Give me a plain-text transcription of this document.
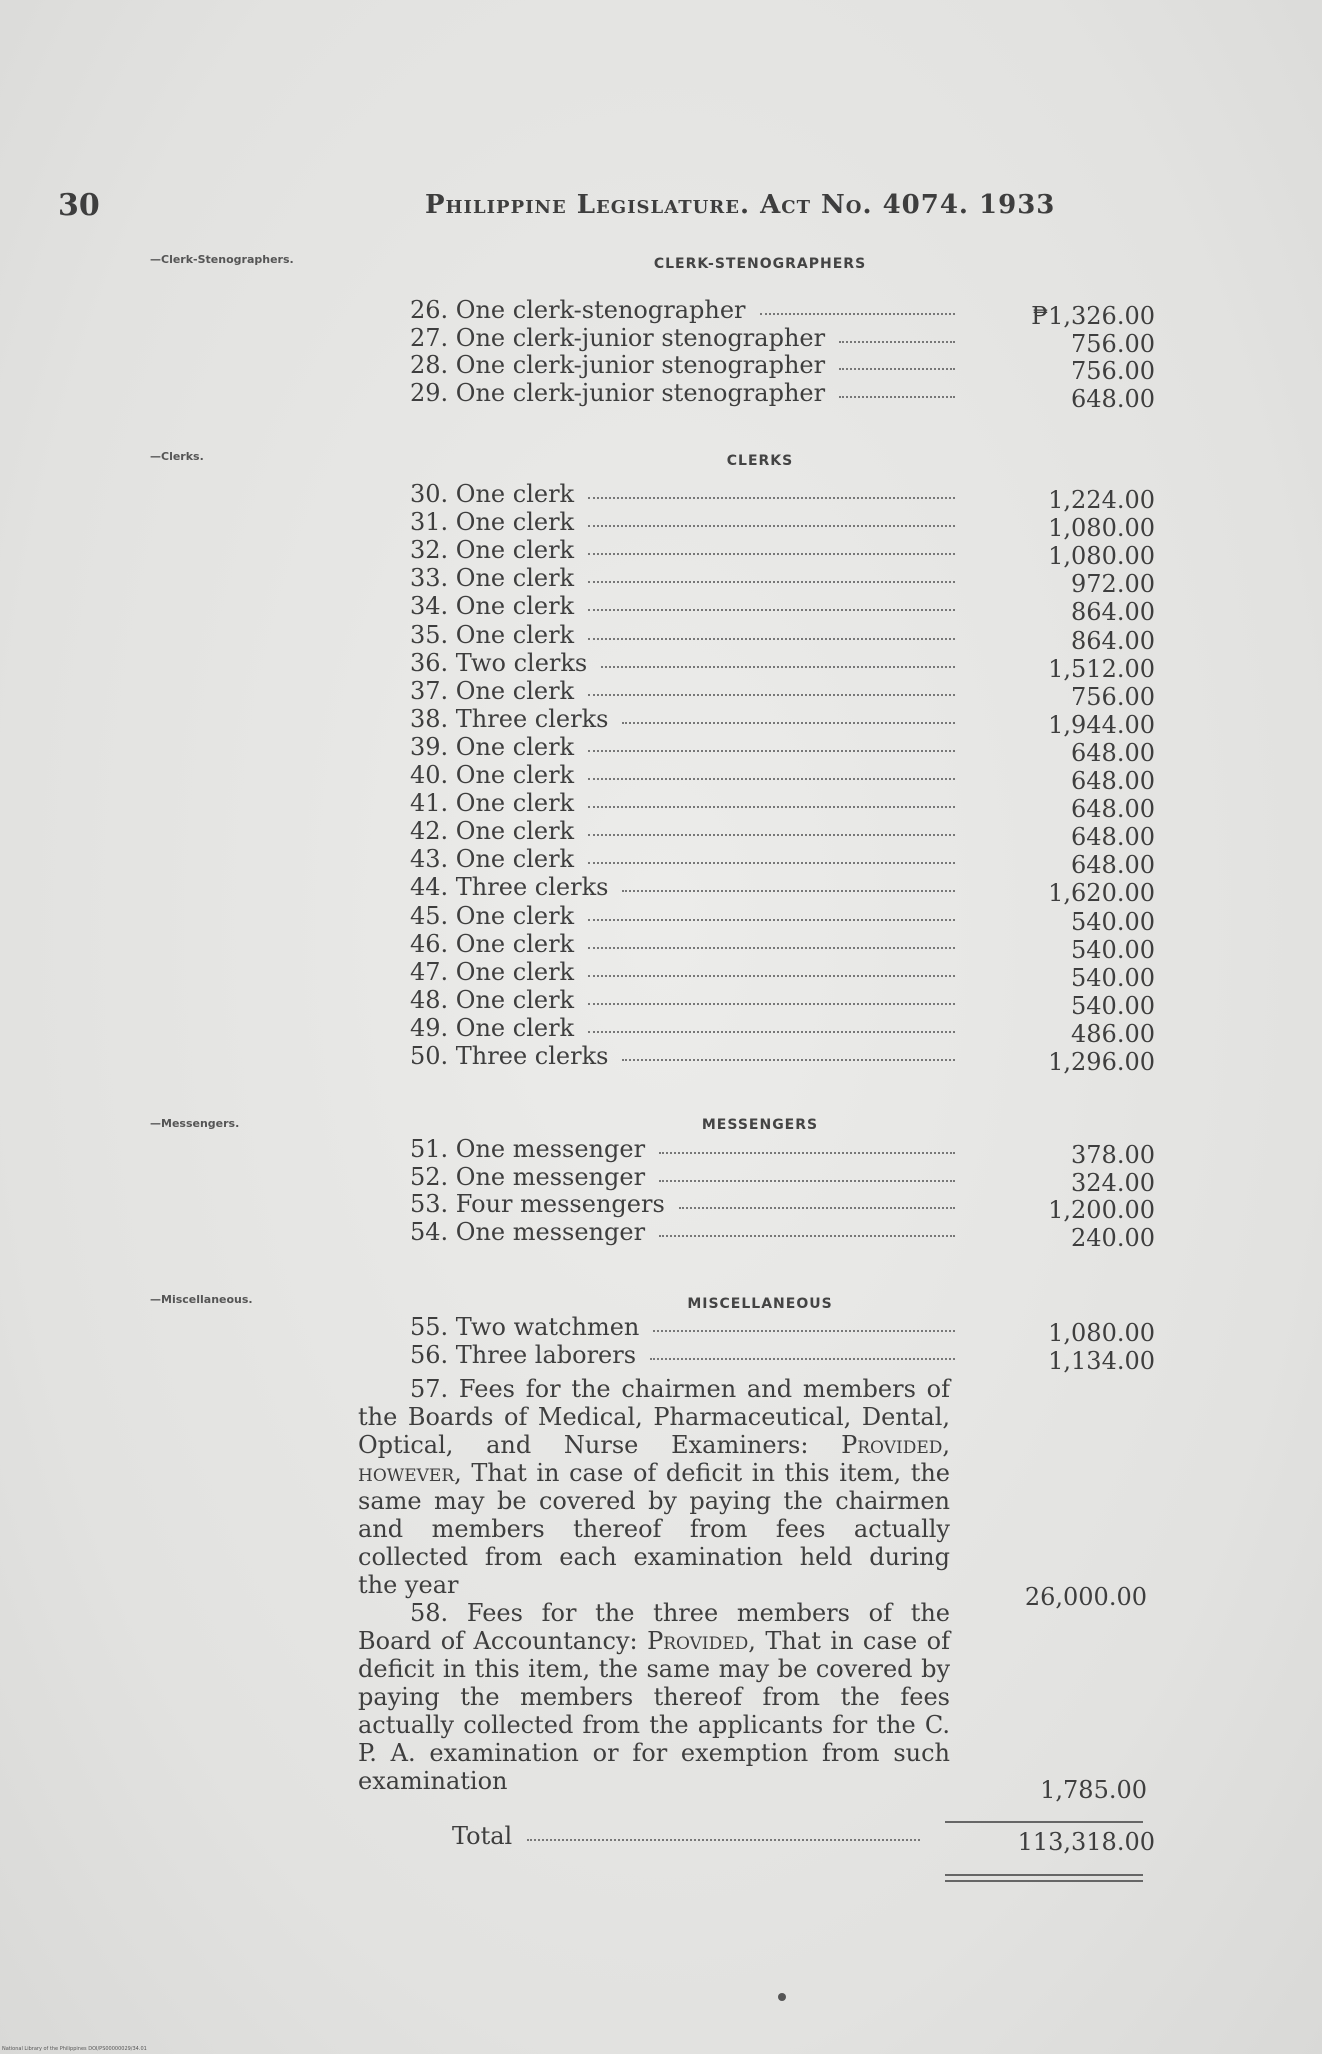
30	Philippine Legislature. Act No. 4074. 1933
—Clerk-Stenographers.	CLERK-STENOGRAPHERS
26. One clerk-stenographer	₱1,326.00
27. One clerk-junior stenographer	756.00
28. One clerk-junior stenographer	756.00
29. One clerk-junior stenographer	648.00
—Clerks.	CLERKS
30. One clerk	1,224.00
31. One clerk	1,080.00
32. One clerk	1,080.00
33. One clerk	972.00
34. One clerk	864.00
35. One clerk	864.00
36. Two clerks	1,512.00
37. One clerk	756.00
38. Three clerks	1,944.00
39. One clerk	648.00
40. One clerk	648.00
41. One clerk	648.00
42. One clerk	648.00
43. One clerk	648.00
44. Three clerks	1,620.00
45. One clerk	540.00
46. One clerk	540.00
47. One clerk	540.00
48. One clerk	540.00
49. One clerk	486.00
50. Three clerks	1,296.00
—Messengers.	MESSENGERS
51. One messenger	378.00
52. One messenger	324.00
53. Four messengers	1,200.00
54. One messenger	240.00
—Miscellaneous.	MISCELLANEOUS
55. Two watchmen	1,080.00
56. Three laborers	1,134.00
57. Fees for the chairmen and members of the Boards of Medical, Pharmaceutical, Dental, Optical, and Nurse Examiners: Provided, however, That in case of deficit in this item, the same may be covered by paying the chairmen and members thereof from fees actually collected from each examination held during the year	26,000.00
58. Fees for the three members of the Board of Accountancy: Provided, That in case of deficit in this item, the same may be covered by paying the members thereof from the fees actually collected from the applicants for the C. P. A. examination or for exemption from such examination	1,785.00
Total	113,318.00
National Library of the Philippines DOI/PS00000029/34.01
